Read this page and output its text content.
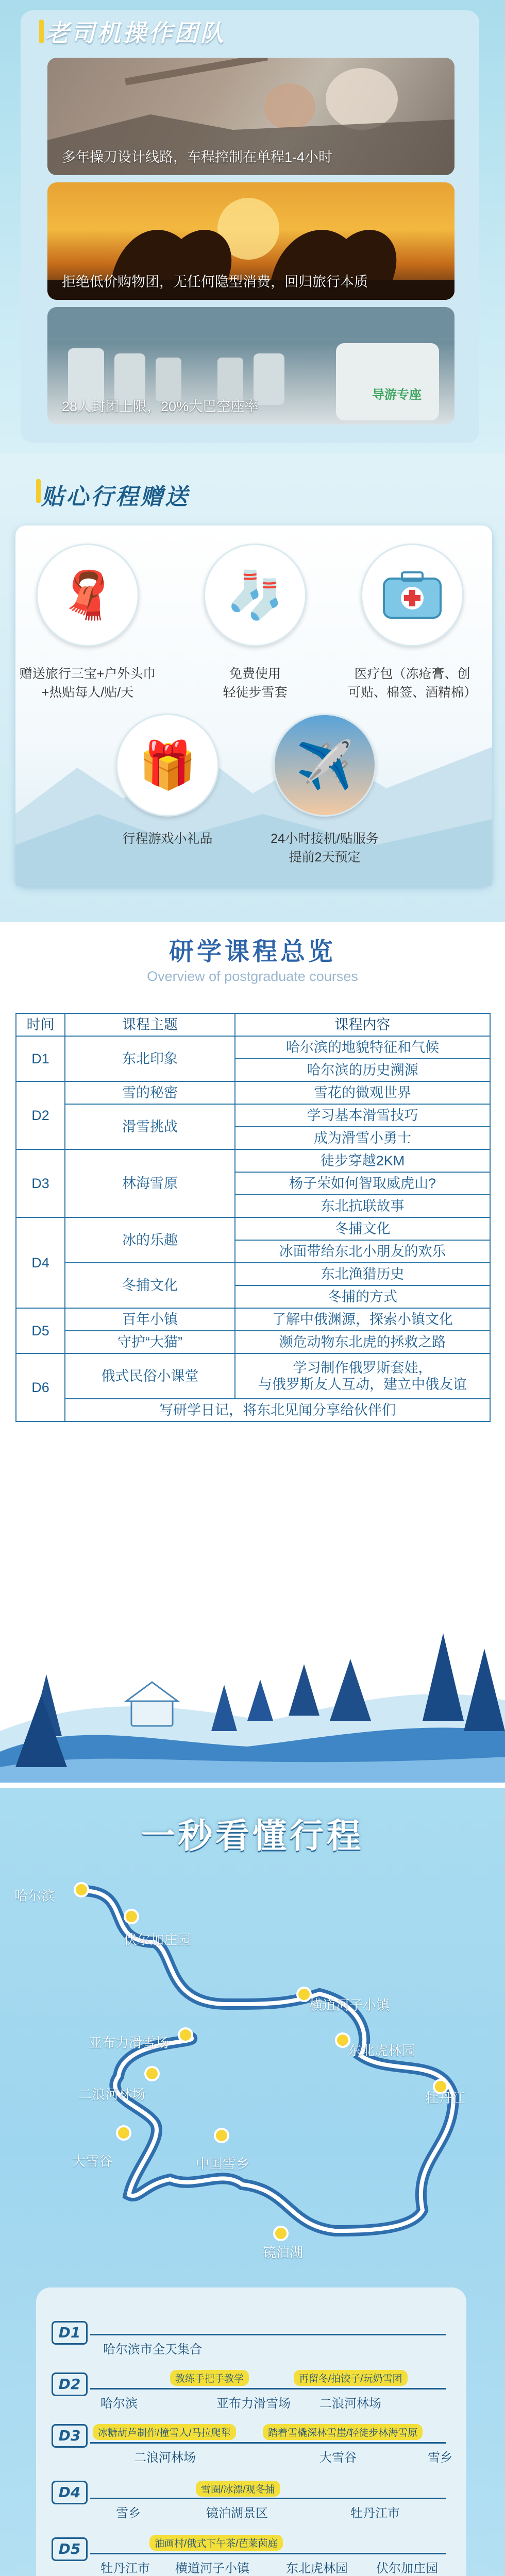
老司机操作团队
多年操刀设计线路，车程控制在单程1-4小时
拒绝低价购物团，无任何隐型消费，回归旅行本质
导游专座
28人封团上限，20%大巴空座率
贴心行程赠送
🧣
赠送旅行三宝+户外头巾
+热贴每人/贴/天
🧦
免费使用
轻徒步雪套
医疗包（冻疮膏、创
可贴、棉签、酒精棉）
🎁
行程游戏小礼品
✈️
24小时接机/贴服务
提前2天预定
研学课程总览
Overview of postgraduate courses
时间	课程主题	课程内容
D1	东北印象	哈尔滨的地貌特征和气候
		哈尔滨的历史溯源
D2	雪的秘密	雪花的微观世界
	滑雪挑战	学习基本滑雪技巧
		成为滑雪小勇士
D3	林海雪原	徒步穿越2KM
		杨子荣如何智取威虎山?
		东北抗联故事
D4	冰的乐趣	冬捕文化
		冰面带给东北小朋友的欢乐
	冬捕文化	东北渔猎历史
		冬捕的方式
D5	百年小镇	了解中俄渊源，探索小镇文化
	守护“大猫”	濒危动物东北虎的拯救之路
D6	俄式民俗小课堂	学习制作俄罗斯套娃，
与俄罗斯友人互动，建立中俄友谊
	写研学日记，将东北见闻分享给伙伴们	
一秒看懂行程
哈尔滨
伏尔加庄园
横道河子小镇
东北虎林园
牡丹江
亚布力滑雪场
二浪河林场
大雪谷	中国雪乡
镜泊湖
D1
哈尔滨市全天集合
D2	教练手把手教学	再留冬/拍饺子/玩奶雪团
哈尔滨	亚布力滑雪场 二浪河林场
D3	冰糖葫芦制作/撞雪人/马拉爬犁	踏着雪橇深林雪崖/轻徒步林海雪原
二浪河林场	大雪谷	雪乡
D4	雪圈/冰漂/观冬捕
雪乡	镜泊湖景区	牡丹江市
D5	油画村/俄式下午茶/芭莱茵庭
牡丹江市 横道河子小镇	东北虎林园 伏尔加庄园
